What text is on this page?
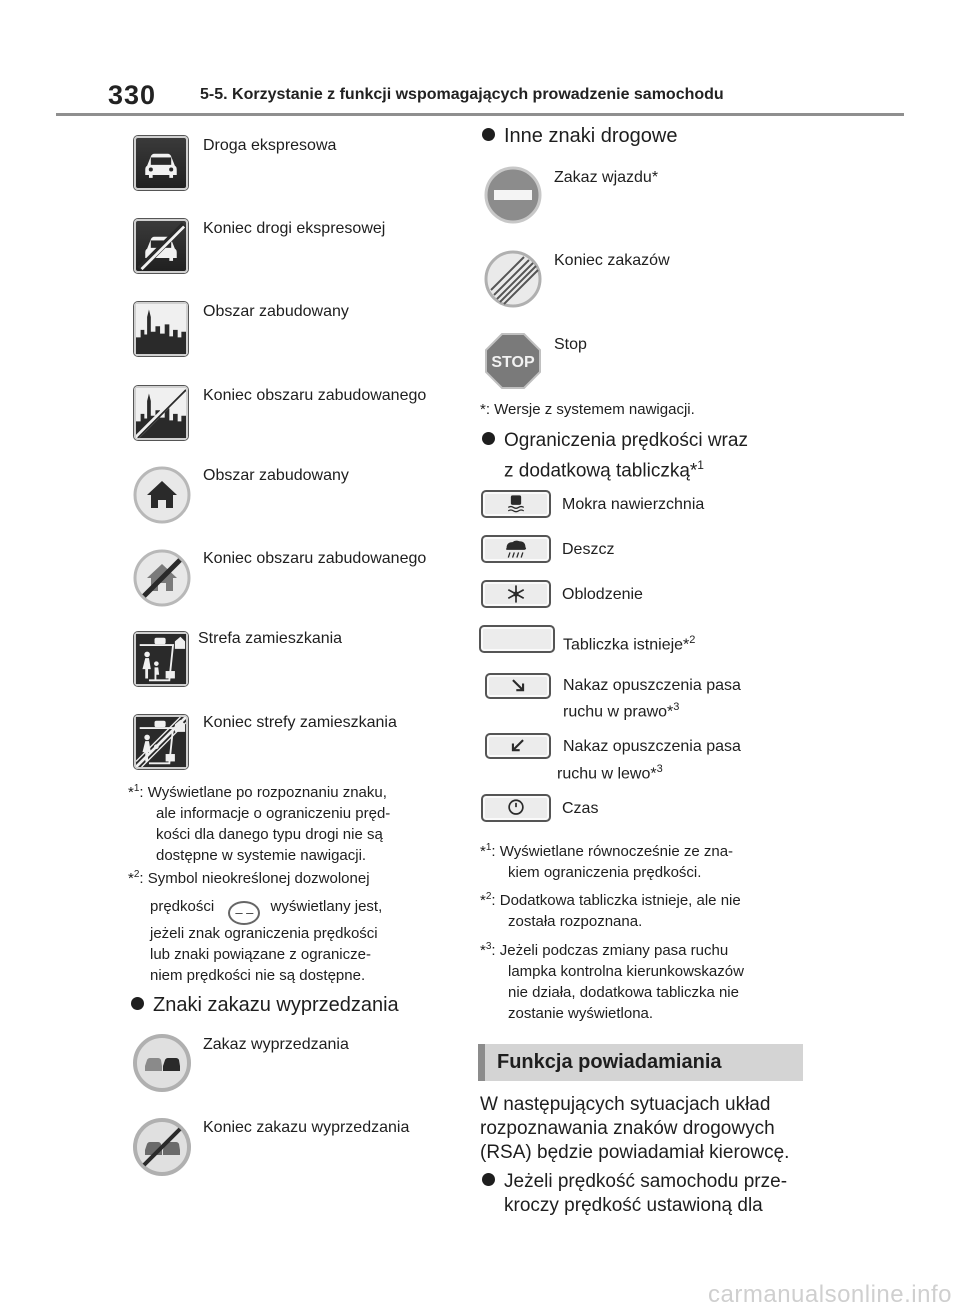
330	5-5. Korzystanie z funkcji wspomagających prowadzenie samochodu
Droga ekspresowa
Koniec drogi ekspresowej
Obszar zabudowany
Koniec obszaru zabudowanego
Obszar zabudowany
Koniec obszaru zabudowanego
Strefa zamieszkania
Koniec strefy zamieszkania
*$^1$: Wyświetlane po rozpoznaniu znaku,
ale informacje o ograniczeniu pręd-
kości dla danego typu drogi nie są
dostępne w systemie nawigacji.
*$^2$: Symbol nieokreślonej dozwolonej
prędkości – – wyświetlany jest,
jeżeli znak ograniczenia prędkości
lub znaki powiązane z ogranicze-
niem prędkości nie są dostępne.
Znaki zakazu wyprzedzania
Zakaz wyprzedzania
Koniec zakazu wyprzedzania
Inne znaki drogowe
Zakaz wjazdu*
Koniec zakazów
STOP
Stop
*: Wersje z systemem nawigacji.
Ograniczenia prędkości wraz
z dodatkową tabliczką*$^1$
Mokra nawierzchnia
Deszcz
Oblodzenie
Tabliczka istnieje*$^2$
Nakaz opuszczenia pasa
ruchu w prawo*$^3$
Nakaz opuszczenia pasa
ruchu w lewo*$^3$
Czas
*$^1$: Wyświetlane równocześnie ze zna-
kiem ograniczenia prędkości.
*$^2$: Dodatkowa tabliczka istnieje, ale nie
została rozpoznana.
*$^3$: Jeżeli podczas zmiany pasa ruchu
lampka kontrolna kierunkowskazów
nie działa, dodatkowa tabliczka nie
zostanie wyświetlona.
Funkcja powiadamiania
W następujących sytuacjach układ
rozpoznawania znaków drogowych
(RSA) będzie powiadamiał kierowcę.
Jeżeli prędkość samochodu prze-
kroczy prędkość ustawioną dla
carmanualsonline.info
